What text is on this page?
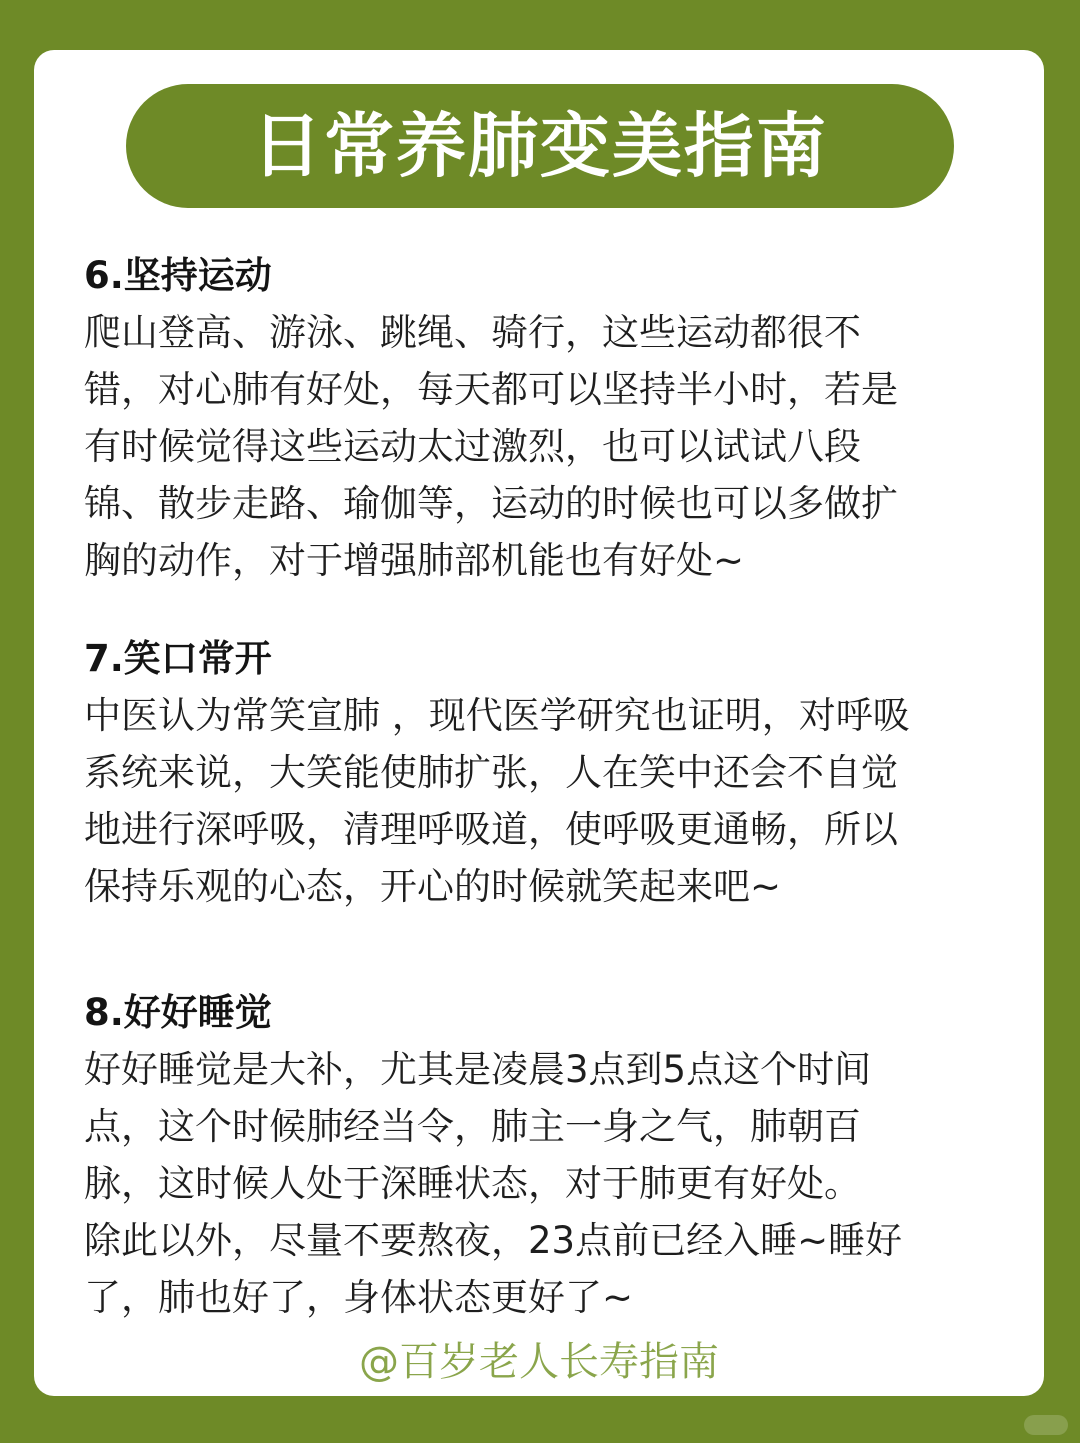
日常养肺变美指南
6.坚持运动
爬山登高、游泳、跳绳、骑行，这些运动都很不
错，对心肺有好处，每天都可以坚持半小时，若是
有时候觉得这些运动太过激烈，也可以试试八段
锦、散步走路、瑜伽等，运动的时候也可以多做扩
胸的动作，对于增强肺部机能也有好处~
7.笑口常开
中医认为常笑宣肺 ，现代医学研究也证明，对呼吸
系统来说，大笑能使肺扩张，人在笑中还会不自觉
地进行深呼吸，清理呼吸道，使呼吸更通畅，所以
保持乐观的心态，开心的时候就笑起来吧~
8.好好睡觉
好好睡觉是大补，尤其是凌晨3点到5点这个时间
点，这个时候肺经当令，肺主一身之气，肺朝百
脉，这时候人处于深睡状态，对于肺更有好处。
除此以外，尽量不要熬夜，23点前已经入睡~睡好
了，肺也好了，身体状态更好了~
@百岁老人长寿指南
